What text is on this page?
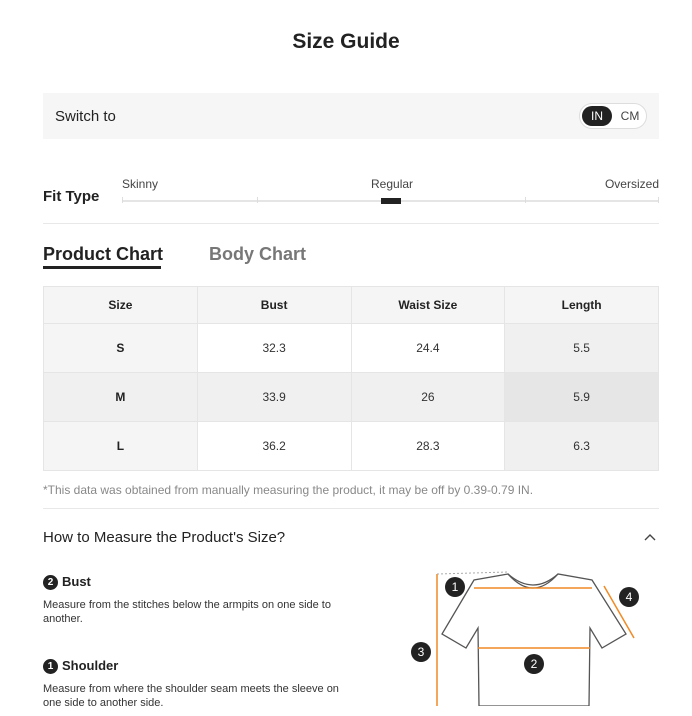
Size Guide
Switch to	IN	CM
Fit Type
Skinny	Regular	Oversized
Product Chart	Body Chart
Size	Bust	Waist Size	Length
S	32.3	24.4	5.5
M	33.9	26	5.9
L	36.2	28.3	6.3
*This data was obtained from manually measuring the product, it may be off by 0.39-0.79 IN.
How to Measure the Product's Size?
2 Bust
Measure from the stitches below the armpits on one side to another.
1 Shoulder
Measure from where the shoulder seam meets the sleeve on one side to another side.
1
2
3
4
